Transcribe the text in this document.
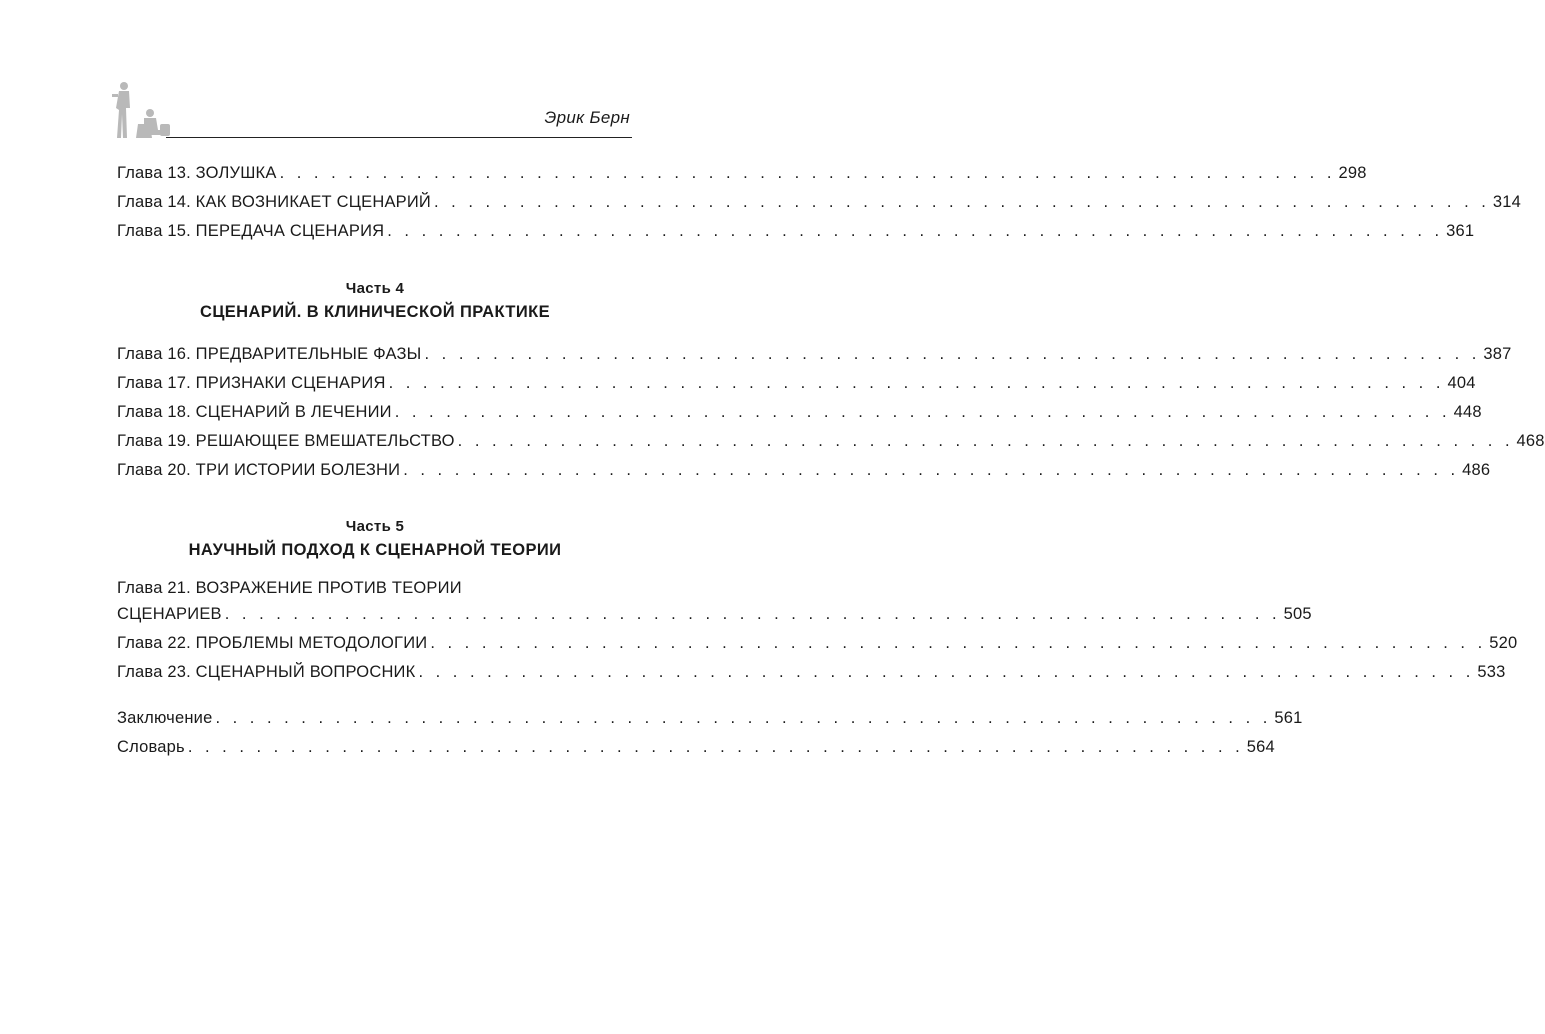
Эрик Берн
Глава 13. ЗОЛУШКА . . . . . . . . . . . . . . . . . . . . . . . . . . . . . . . . . . . . . . . . . . . . . . . . . . . . . . . . . . . . . . 298
Глава 14. КАК ВОЗНИКАЕТ СЦЕНАРИЙ . . . . . . . . . . . . . . . . . . . . . . . . . . . . . . . . . . . . . . . . . . . . . . . . . . . . . . . . . . . . . . 314
Глава 15. ПЕРЕДАЧА СЦЕНАРИЯ . . . . . . . . . . . . . . . . . . . . . . . . . . . . . . . . . . . . . . . . . . . . . . . . . . . . . . . . . . . . . . 361
Часть 4
СЦЕНАРИЙ. В КЛИНИЧЕСКОЙ ПРАКТИКЕ
Глава 16. ПРЕДВАРИТЕЛЬНЫЕ ФАЗЫ . . . . . . . . . . . . . . . . . . . . . . . . . . . . . . . . . . . . . . . . . . . . . . . . . . . . . . . . . . . . . . 387
Глава 17. ПРИЗНАКИ СЦЕНАРИЯ . . . . . . . . . . . . . . . . . . . . . . . . . . . . . . . . . . . . . . . . . . . . . . . . . . . . . . . . . . . . . . 404
Глава 18. СЦЕНАРИЙ В ЛЕЧЕНИИ . . . . . . . . . . . . . . . . . . . . . . . . . . . . . . . . . . . . . . . . . . . . . . . . . . . . . . . . . . . . . . 448
Глава 19. РЕШАЮЩЕЕ ВМЕШАТЕЛЬСТВО . . . . . . . . . . . . . . . . . . . . . . . . . . . . . . . . . . . . . . . . . . . . . . . . . . . . . . . . . . . . . . 468
Глава 20. ТРИ ИСТОРИИ БОЛЕЗНИ . . . . . . . . . . . . . . . . . . . . . . . . . . . . . . . . . . . . . . . . . . . . . . . . . . . . . . . . . . . . . . 486
Часть 5
НАУЧНЫЙ ПОДХОД К СЦЕНАРНОЙ ТЕОРИИ
Глава 21. ВОЗРАЖЕНИЕ ПРОТИВ ТЕОРИИ
СЦЕНАРИЕВ . . . . . . . . . . . . . . . . . . . . . . . . . . . . . . . . . . . . . . . . . . . . . . . . . . . . . . . . . . . . . . 505
Глава 22. ПРОБЛЕМЫ МЕТОДОЛОГИИ . . . . . . . . . . . . . . . . . . . . . . . . . . . . . . . . . . . . . . . . . . . . . . . . . . . . . . . . . . . . . . 520
Глава 23. СЦЕНАРНЫЙ ВОПРОСНИК . . . . . . . . . . . . . . . . . . . . . . . . . . . . . . . . . . . . . . . . . . . . . . . . . . . . . . . . . . . . . . 533
Заключение . . . . . . . . . . . . . . . . . . . . . . . . . . . . . . . . . . . . . . . . . . . . . . . . . . . . . . . . . . . . . . 561
Словарь . . . . . . . . . . . . . . . . . . . . . . . . . . . . . . . . . . . . . . . . . . . . . . . . . . . . . . . . . . . . . . 564
